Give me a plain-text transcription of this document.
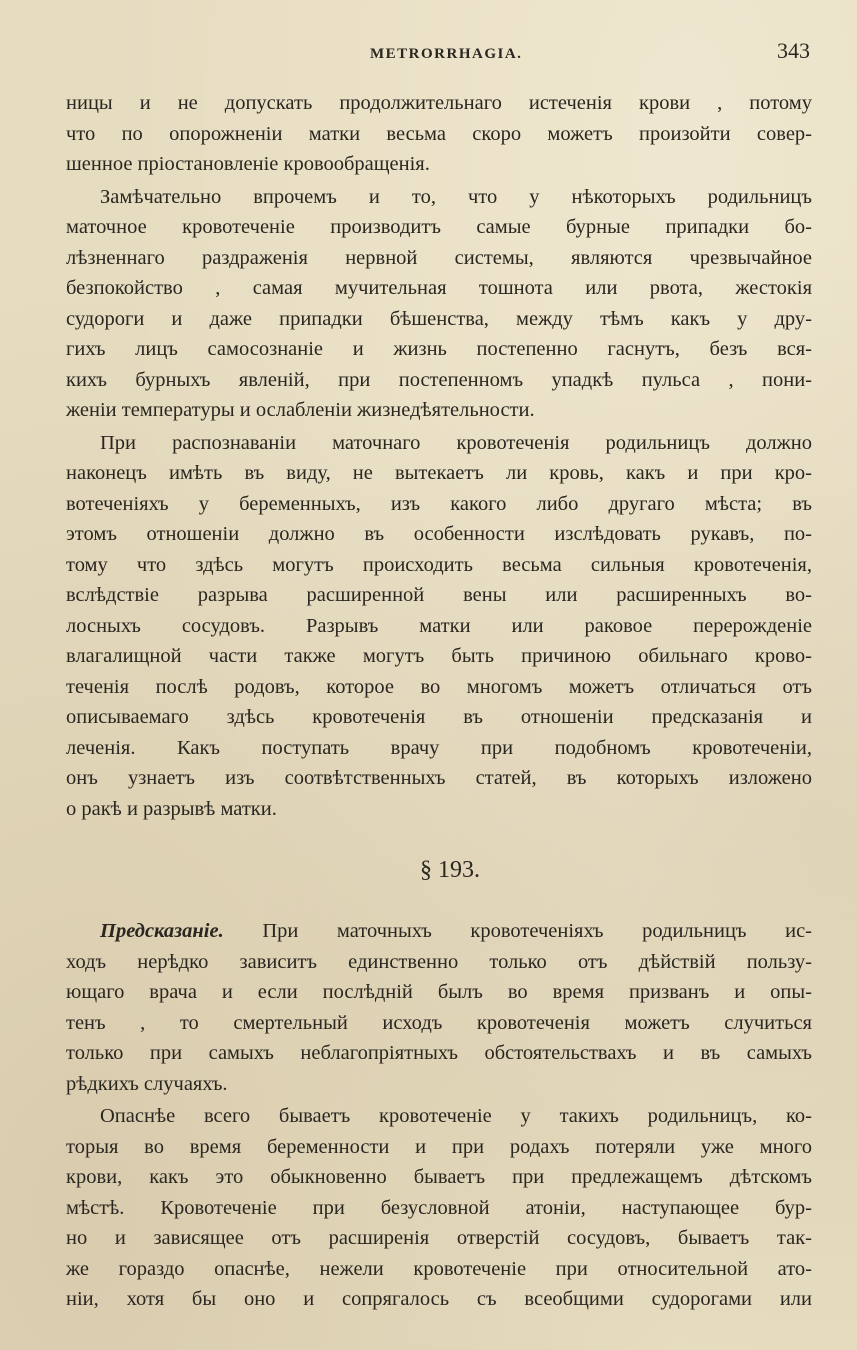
METRORRHAGIA.	343
ницы и не допускать продолжительнаго истеченія крови , потому
что по опорожненіи матки весьма скоро можетъ произойти совер-
шенное пріостановленіе кровообращенія.
Замѣчательно впрочемъ и то, что у нѣкоторыхъ родильницъ
маточное кровотеченіе производитъ самые бурные припадки бо-
лѣзненнаго раздраженія нервной системы, являются чрезвычайное
безпокойство , самая мучительная тошнота или рвота, жестокія
судороги и даже припадки бѣшенства, между тѣмъ какъ у дру-
гихъ лицъ самосознаніе и жизнь постепенно гаснутъ, безъ вся-
кихъ бурныхъ явленій, при постепенномъ упадкѣ пульса , пони-
женіи температуры и ослабленіи жизнедѣятельности.
При распознаваніи маточнаго кровотеченія родильницъ должно
наконецъ имѣть въ виду, не вытекаетъ ли кровь, какъ и при кро-
вотеченіяхъ у беременныхъ, изъ какого либо другаго мѣста; въ
этомъ отношеніи должно въ особенности изслѣдовать рукавъ, по-
тому что здѣсь могутъ происходить весьма сильныя кровотеченія,
вслѣдствіе разрыва расширенной вены или расширенныхъ во-
лосныхъ сосудовъ. Разрывъ матки или раковое перерожденіе
влагалищной части также могутъ быть причиною обильнаго крово-
теченія послѣ родовъ, которое во многомъ можетъ отличаться отъ
описываемаго здѣсь кровотеченія въ отношеніи предсказанія и
леченія. Какъ поступать врачу при подобномъ кровотеченіи,
онъ узнаетъ изъ соотвѣтственныхъ статей, въ которыхъ изложено
о ракѣ и разрывѣ матки.
§ 193.
Предсказаніе. При маточныхъ кровотеченіяхъ родильницъ ис-
ходъ нерѣдко зависитъ единственно только отъ дѣйствій пользу-
ющаго врача и если послѣдній былъ во время призванъ и опы-
тенъ , то смертельный исходъ кровотеченія можетъ случиться
только при самыхъ неблагопріятныхъ обстоятельствахъ и въ самыхъ
рѣдкихъ случаяхъ.
Опаснѣе всего бываетъ кровотеченіе у такихъ родильницъ, ко-
торыя во время беременности и при родахъ потеряли уже много
крови, какъ это обыкновенно бываетъ при предлежащемъ дѣтскомъ
мѣстѣ. Кровотеченіе при безусловной атоніи, наступающее бур-
но и зависящее отъ расширенія отверстій сосудовъ, бываетъ так-
же гораздо опаснѣе, нежели кровотеченіе при относительной ато-
ніи, хотя бы оно и сопрягалось съ всеобщими судорогами или
